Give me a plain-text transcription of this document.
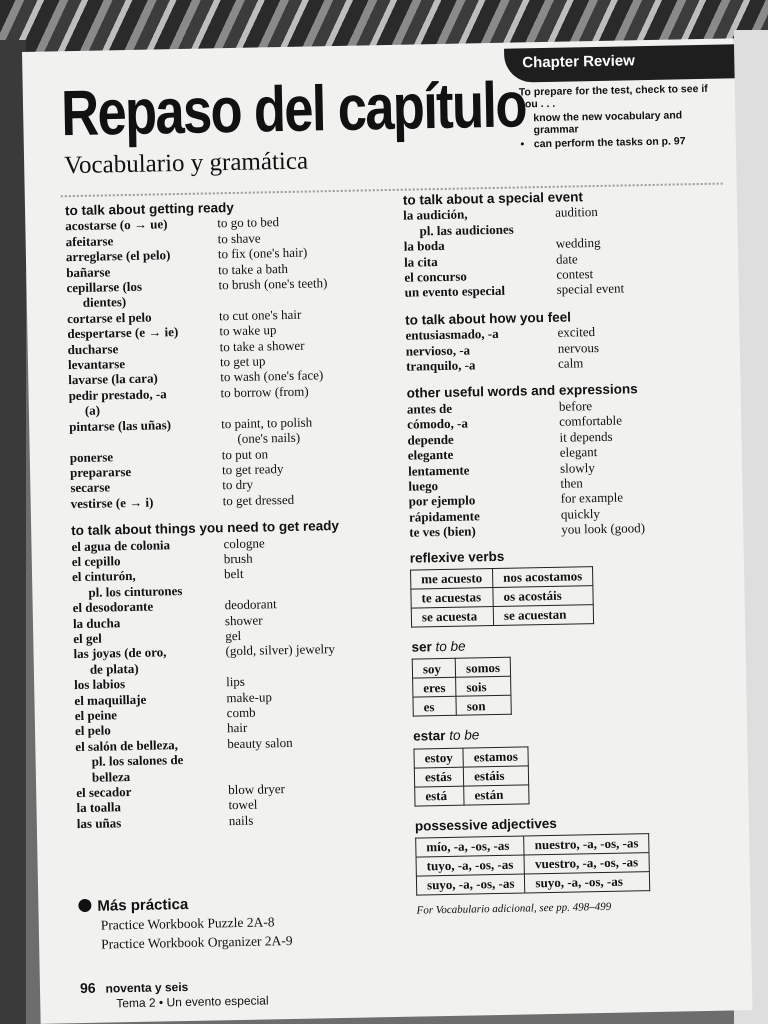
Chapter Review
To prepare for the test, check to see if you . . .
• know the new vocabulary and grammar
• can perform the tasks on p. 97
Repaso del capítulo
Vocabulario y gramática
to talk about getting ready
acostarse (o → ue)	to go to bed
afeitarse	to shave
arreglarse (el pelo)	to fix (one's hair)
bañarse	to take a bath
cepillarse (los	to brush (one's teeth)
dientes)
cortarse el pelo	to cut one's hair
despertarse (e → ie)	to wake up
ducharse	to take a shower
levantarse	to get up
lavarse (la cara)	to wash (one's face)
pedir prestado, -a	to borrow (from)
(a)
pintarse (las uñas)	to paint, to polish
(one's nails)
ponerse	to put on
prepararse	to get ready
secarse	to dry
vestirse (e → i)	to get dressed
to talk about things you need to get ready
el agua de colonia	cologne
el cepillo	brush
el cinturón,	belt
pl. los cinturones
el desodorante	deodorant
la ducha	shower
el gel	gel
las joyas (de oro,	(gold, silver) jewelry
de plata)
los labios	lips
el maquillaje	make-up
el peine	comb
el pelo	hair
el salón de belleza,	beauty salon
pl. los salones de
belleza
el secador	blow dryer
la toalla	towel
las uñas	nails
Más práctica
Practice Workbook Puzzle 2A-8
Practice Workbook Organizer 2A-9
96 noventa y seis
Tema 2 • Un evento especial
to talk about a special event
la audición,	audition
pl. las audiciones
la boda	wedding
la cita	date
el concurso	contest
un evento especial	special event
to talk about how you feel
entusiasmado, -a	excited
nervioso, -a	nervous
tranquilo, -a	calm
other useful words and expressions
antes de	before
cómodo, -a	comfortable
depende	it depends
elegante	elegant
lentamente	slowly
luego	then
por ejemplo	for example
rápidamente	quickly
te ves (bien)	you look (good)
reflexive verbs
me acuesto	nos acostamos
te acuestas	os acostáis
se acuesta	se acuestan
ser to be
soy	somos
eres	sois
es	son
estar to be
estoy	estamos
estás	estáis
está	están
possessive adjectives
mío, -a, -os, -as	nuestro, -a, -os, -as
tuyo, -a, -os, -as	vuestro, -a, -os, -as
suyo, -a, -os, -as	suyo, -a, -os, -as
For Vocabulario adicional, see pp. 498–499
